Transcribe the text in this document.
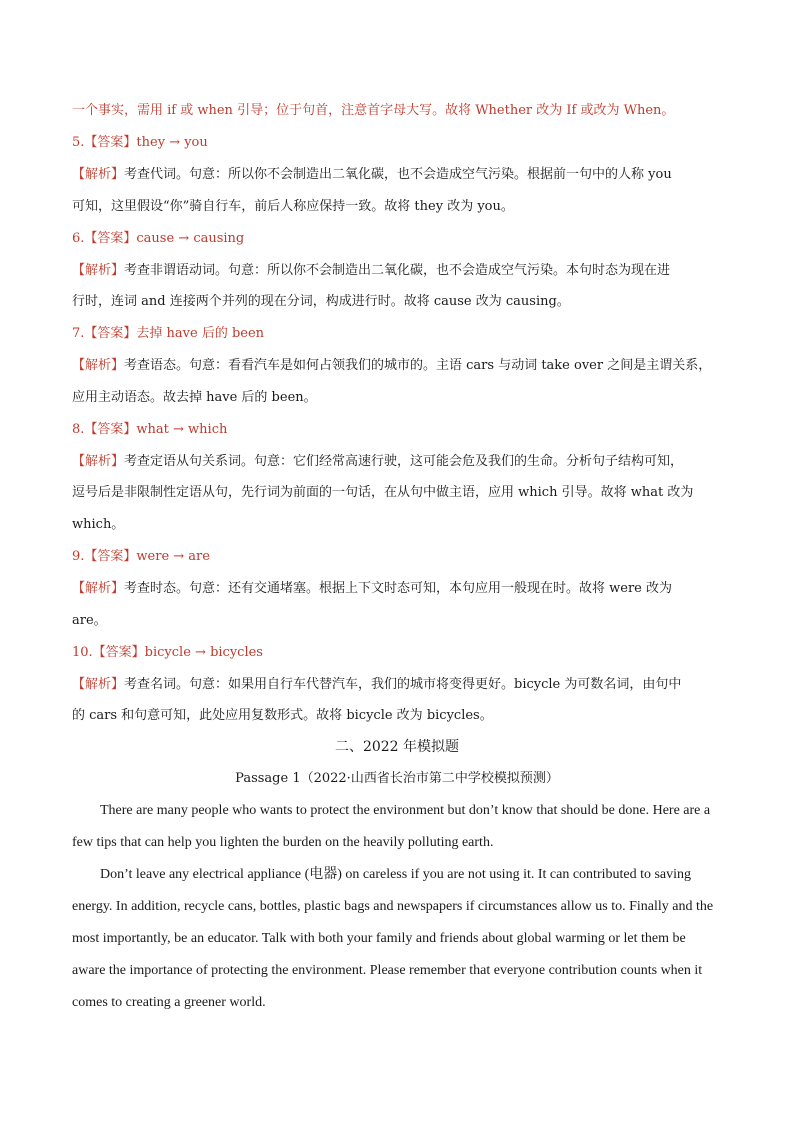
一个事实，需用 if 或 when 引导；位于句首，注意首字母大写。故将 Whether 改为 If 或改为 When。
5.【答案】they → you
【解析】考查代词。句意：所以你不会制造出二氧化碳，也不会造成空气污染。根据前一句中的人称 you
可知，这里假设“你”骑自行车，前后人称应保持一致。故将 they 改为 you。
6.【答案】cause → causing
【解析】考查非谓语动词。句意：所以你不会制造出二氧化碳，也不会造成空气污染。本句时态为现在进
行时，连词 and 连接两个并列的现在分词，构成进行时。故将 cause 改为 causing。
7.【答案】去掉 have 后的 been
【解析】考查语态。句意：看看汽车是如何占领我们的城市的。主语 cars 与动词 take over 之间是主谓关系，
应用主动语态。故去掉 have 后的 been。
8.【答案】what → which
【解析】考查定语从句关系词。句意：它们经常高速行驶，这可能会危及我们的生命。分析句子结构可知，
逗号后是非限制性定语从句，先行词为前面的一句话，在从句中做主语，应用 which 引导。故将 what 改为
which。
9.【答案】were → are
【解析】考查时态。句意：还有交通堵塞。根据上下文时态可知，本句应用一般现在时。故将 were 改为
are。
10.【答案】bicycle → bicycles
【解析】考查名词。句意：如果用自行车代替汽车，我们的城市将变得更好。bicycle 为可数名词，由句中
的 cars 和句意可知，此处应用复数形式。故将 bicycle 改为 bicycles。
二、2022 年模拟题
Passage 1（2022·山西省长治市第二中学校模拟预测）
There are many people who wants to protect the environment but don’t know that should be done. Here are a
few tips that can help you lighten the burden on the heavily polluting earth.
Don’t leave any electrical appliance (电器) on careless if you are not using it. It can contributed to saving
energy. In addition, recycle cans, bottles, plastic bags and newspapers if circumstances allow us to. Finally and the
most importantly, be an educator. Talk with both your family and friends about global warming or let them be
aware the importance of protecting the environment. Please remember that everyone contribution counts when it
comes to creating a greener world.
